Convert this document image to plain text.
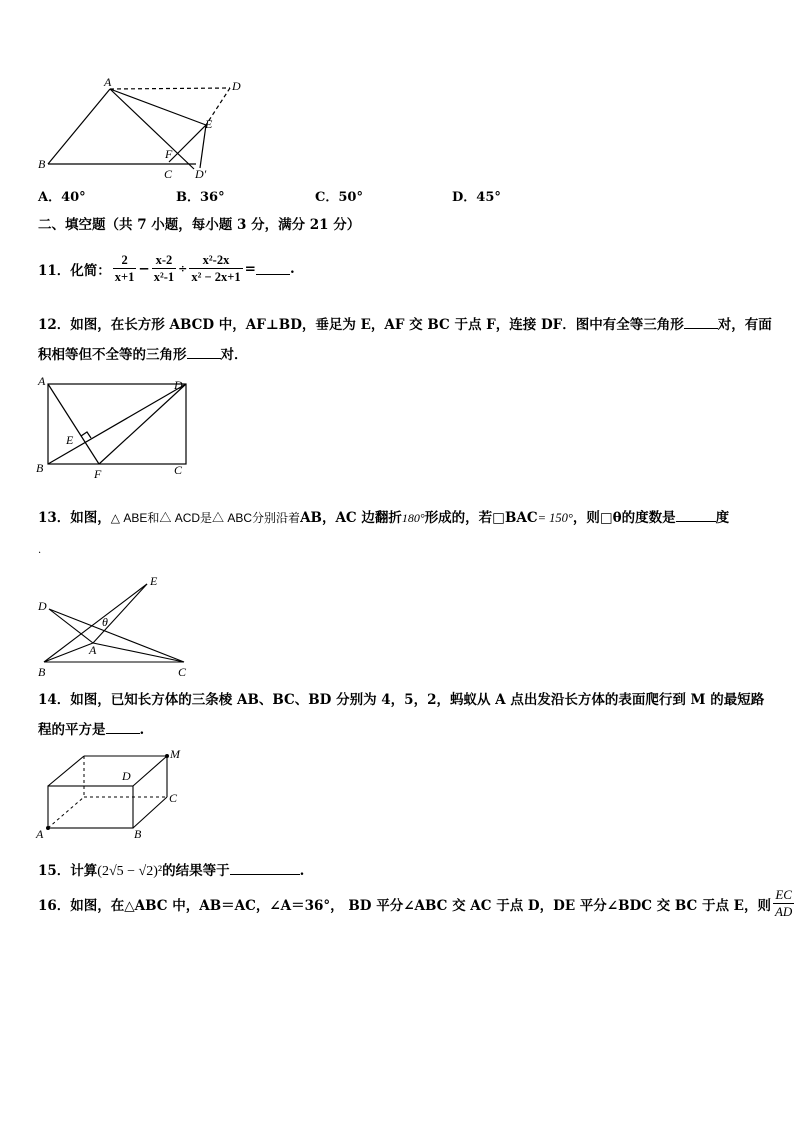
A	D
E
B
F
C D′
A．40°	B．36°	C．50°	D．45°
二、填空题（共 7 小题，每小题 3 分，满分 21 分）
11．化简： $\frac{2}{x+1} - \frac{x-2}{\text{x²-1}} \div \frac{\text{x²-2x}}{\text{x² − 2x+1}}$ =	.
12．如图，在长方形 ABCD 中，AF⊥BD，垂足为 E，AF 交 BC 于点 F，连接 DF．图中有全等三角形	对，有面
积相等但不全等的三角形	对．
A	D
E
B	F	C
13．如图，△ ABE和△ ACD是△ ABC分别沿着AB，AC 边翻折180°形成的，若□BAC= 150°，则□θ的度数是	度
.
E
D
θ
A
B	C
14．如图，已知长方体的三条棱 AB、BC、BD 分别为 4，5，2，蚂蚁从 A 点出发沿长方体的表面爬行到 M 的最短路
程的平方是	.
M
D
C
A	B
15．计算(2√5 − √2)²的结果等于	.
16．如图，在△ABC 中，AB＝AC，∠A＝36°， BD 平分∠ABC 交 AC 于点 D，DE 平分∠BDC 交 BC 于点 E，则 $\frac{EC}{AD}$
